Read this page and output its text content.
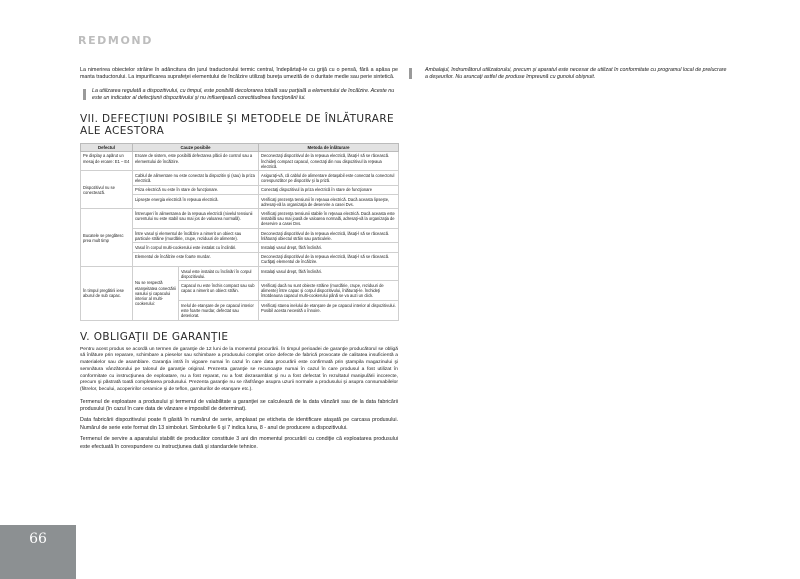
REDMOND

La nimerirea obiectelor străine în adâncitura din jurul traductorului termic central, îndepărtaţi-le cu grijă cu o pensă, fără a apăsa pe manta traductorului. La impurificarea suprafeţei elementului de încălzire utilizaţi bureţa umezită de o duritate medie sau perie sintetică.

La utilizarea regulată a dispozitivului, cu timpul, este posibilă decolorarea totală sau parţială a elementului de încălzire. Aceste nu este un indicator al defecţiunii dispozitivului şi nu influenţează corectitudinea funcţionării lui.
VII. DEFECŢIUNI POSIBILE ŞI METODELE DE ÎNLĂTURARE ALE ACESTORA
Defectul	Cauze posibile		Metoda de înlăturare
Pe display a apărut un mesaj de eroare: E1 – E4	Eroare de sistem, este posibilă defectarea plăcii de control sau a elementului de încălzire.		Deconectaţi dispozitivul de la reţeaua electrică, lăsaţi-l să se răcească. Închideţi compact capacul, conectaţi din nou dispozitivul la reţeaua electrică.
Dispozitivul nu se conectează.	Cablul de alimentare nu este conectat la dispozitiv şi (sau) la priza electrică.		Asiguraţi-vă, că cablul de alimentare detaşabil este conectat la conectorul corespunzător pe dispozitiv şi la priză.
	Priza electrică nu este în stare de funcţionare.		Conectaţi dispozitivul la priza electrică în stare de funcţionare
	Lipseşte energia electrică în reţeaua electrică.		Verificaţi prezenţa tensiunii în reţeaua electrică. Dacă aceasta lipseşte, adresaţi-vă la organizaţia de deservire a casei Dvs.
Bucatele se pregătesc prea mult timp	Întreruperi în alimentarea de la reţeaua electrică (nivelul tensiunii curentului nu este stabil sau mai jos de valoarea normală).		Verificaţi prezenţa tensiunii stabile în reţeaua electrică. Dacă aceasta este instabilă sau mai joasă de valoarea normală, adresaţi-vă la organizaţia de deservire a casei Dvs.
	Între vasul şi elementul de încălzire a nimerit un obiect sau particule străine (murdărie, crupe, reziduuri de alimente).		Deconectaţi dispozitivul de la reţeaua electrică, lăsaţi-l să se răcească. Înlăturaţi obiectul străin sau particulele.
	Vasul în corpul multi-cookerului este instalat cu înclinări.		Instalaţi vasul drept, fără înclinări.
	Elementul de încălzire este foarte murdar.		Deconectaţi dispozitivul de la reţeaua electrică, lăsaţi-l să se răcească. Curăţaţi elementul de încălzire.
În timpul pregătirii iese aburul de sub capac.	Nu se respectă etanşeitatea conectării vasului şi capacului interior al multi-cookerului:	Vasul este instalat cu înclinări în corpul dispozitivului.	Instalaţi vasul drept, fără înclinări.
		Capacul nu este închis compact sau sub capac a nimerit un obiect străin.	Verificaţi dacă nu sunt obiecte străine (murdărie, crupe, reziduuri de alimente) între capac şi corpul dispozitivului, înlăturaţi-le. Închideţi întotdeauna capacul multi-cookerului până se va auzi un click.
		Inelul de etanşare de pe capacul interior este foarte murdar, defectat sau deteriorat.	Verificaţi starea inelului de etanşare de pe capacul interior al dispozitivului. Posibil acesta necesită o înnoire.
V. OBLIGAŢII DE GARANŢIE

Pentru acest produs se acordă un termen de garanţie de 12 luni de la momentul procurării. În timpul perioadei de garanţie producătorul se obligă să înlăture prin reparare, schimbare a pieselor sau schimbare a produsului complet orice defecte de fabrică provocate de calitatea insuficientă a materialelor sau de asamblare. Garanţia intră în vigoare numai în cazul în care data procurării este confirmată prin ştampila magazinului şi semnătura vânzătorului pe talonul de garanţie original. Prezenta garanţie se recunoaşte numai în cazul în care produsul a fost utilizat în conformitate cu instrucţiunea de exploatare, nu a fost reparat, nu a fost dezasamblat şi nu a fost defectat în rezultatul manipulării incorecte, precum şi păstrată toată completarea produsului. Prezenta garanţie nu se răsfrânge asupra uzurii normale a produsului şi asupra consumabilelor (filtrelor, becului, acoperirilor ceramice şi de teflon, garniturilor de etanşare etc.).

Termenul de exploatare a produsului şi termenul de valabilitate a garanţiei se calculează de la data vânzării sau de la data fabricării produsului (în cazul în care data de vânzare e imposibil de determinat).

Data fabricării dispozitivului poate fi găsită în numărul de serie, amplasat pe eticheta de identificare ataşată pe carcasa produsului. Numărul de serie este format din 13 simboluri. Simbolurile 6 şi 7 indica luna, 8 - anul de producere a dispozitivului.

Termenul de servire a aparatului stabilit de producător constituie 3 ani din momentul procurării cu condiţie că exploatarea produsului este efectuată în corespundere cu instrucţiunea dată şi standardele tehnice.

Ambalajul, îndrumătorul utilizatorului, precum şi aparatul este necesar de utilizat în conformitate cu programul local de prelucrare a deşeurilor. Nu aruncaţi astfel de produse împreună cu gunoiul obişnuit.
66
